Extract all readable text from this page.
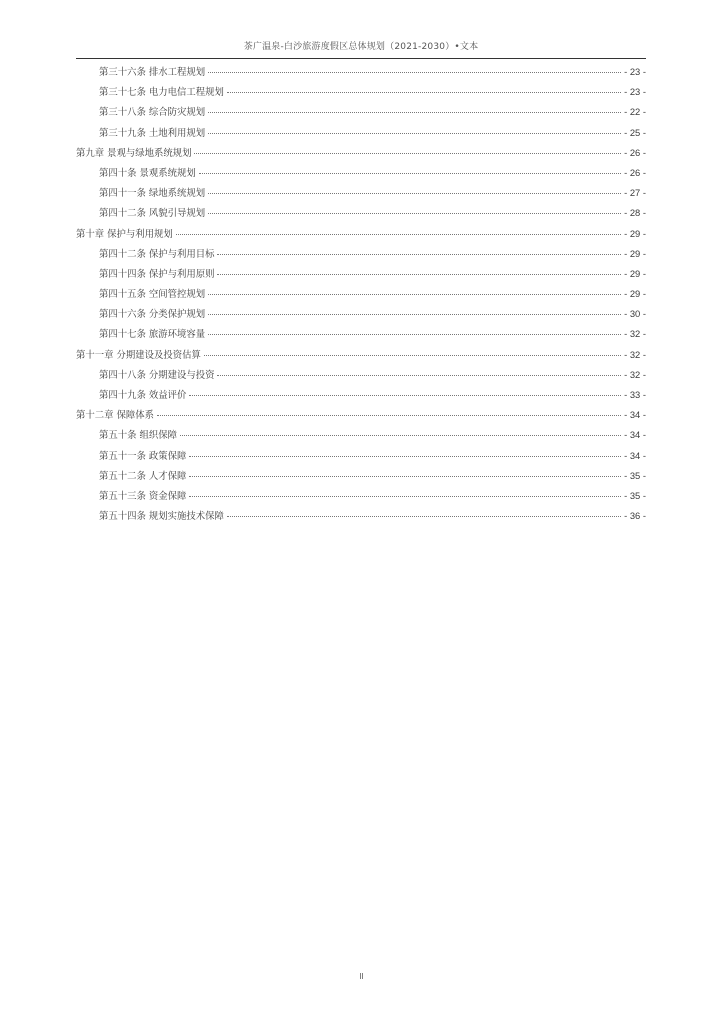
茶广温泉-白沙旅游度假区总体规划（2021-2030）•文本
第三十六条 排水工程规划	- 23 -
第三十七条 电力电信工程规划	- 23 -
第三十八条 综合防灾规划	- 22 -
第三十九条 土地利用规划	- 25 -
第九章 景观与绿地系统规划	- 26 -
第四十条 景观系统规划	- 26 -
第四十一条 绿地系统规划	- 27 -
第四十二条 风貌引导规划	- 28 -
第十章 保护与利用规划	- 29 -
第四十二条 保护与利用目标	- 29 -
第四十四条 保护与利用原则	- 29 -
第四十五条 空间管控规划	- 29 -
第四十六条 分类保护规划	- 30 -
第四十七条 旅游环境容量	- 32 -
第十一章 分期建设及投资估算	- 32 -
第四十八条 分期建设与投资	- 32 -
第四十九条 效益评价	- 33 -
第十二章 保障体系	- 34 -
第五十条 组织保障	- 34 -
第五十一条 政策保障	- 34 -
第五十二条 人才保障	- 35 -
第五十三条 资金保障	- 35 -
第五十四条 规划实施技术保障	- 36 -
II
